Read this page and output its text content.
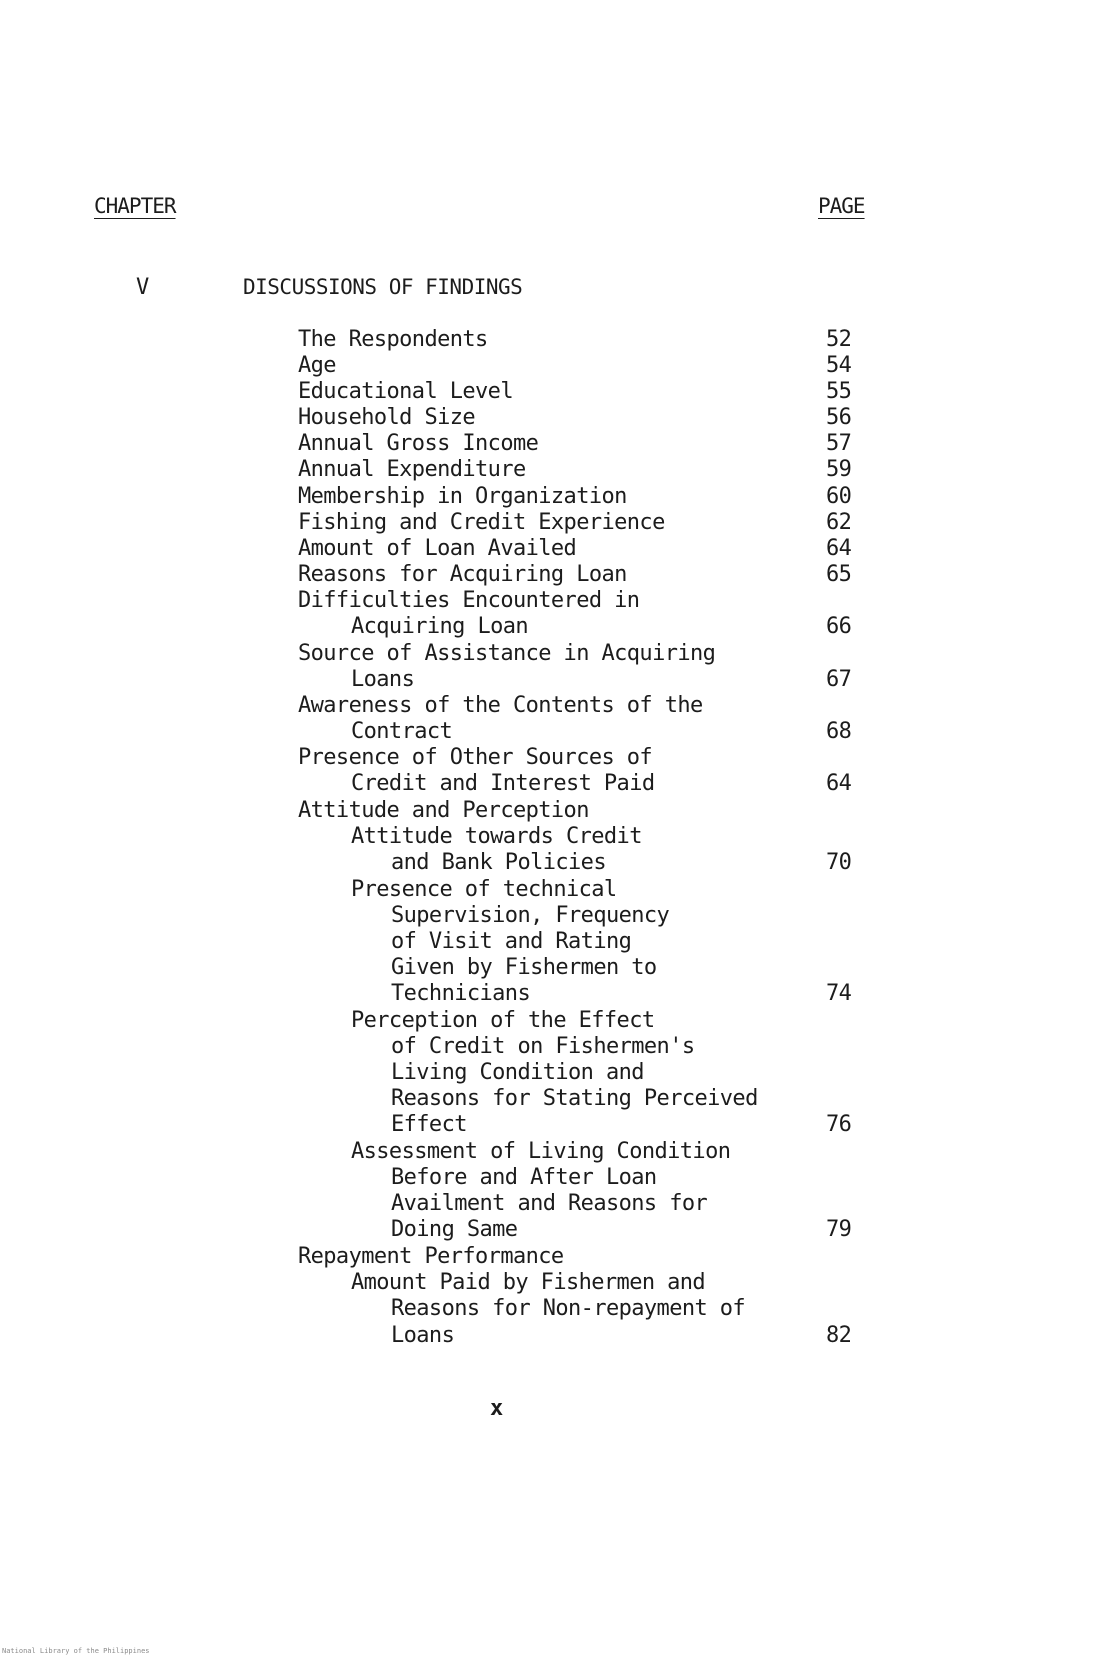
CHAPTER	PAGE
V	DISCUSSIONS OF FINDINGS
The Respondents	52
Age	54
Educational Level	55
Household Size	56
Annual Gross Income	57
Annual Expenditure	59
Membership in Organization	60
Fishing and Credit Experience	62
Amount of Loan Availed	64
Reasons for Acquiring Loan	65
Difficulties Encountered in
Acquiring Loan	66
Source of Assistance in Acquiring
Loans	67
Awareness of the Contents of the
Contract	68
Presence of Other Sources of
Credit and Interest Paid	64
Attitude and Perception
Attitude towards Credit
and Bank Policies	70
Presence of technical
Supervision, Frequency
of Visit and Rating
Given by Fishermen to
Technicians	74
Perception of the Effect
of Credit on Fishermen's
Living Condition and
Reasons for Stating Perceived
Effect	76
Assessment of Living Condition
Before and After Loan
Availment and Reasons for
Doing Same	79
Repayment Performance
Amount Paid by Fishermen and
Reasons for Non-repayment of
Loans	82
x
National Library of the Philippines
